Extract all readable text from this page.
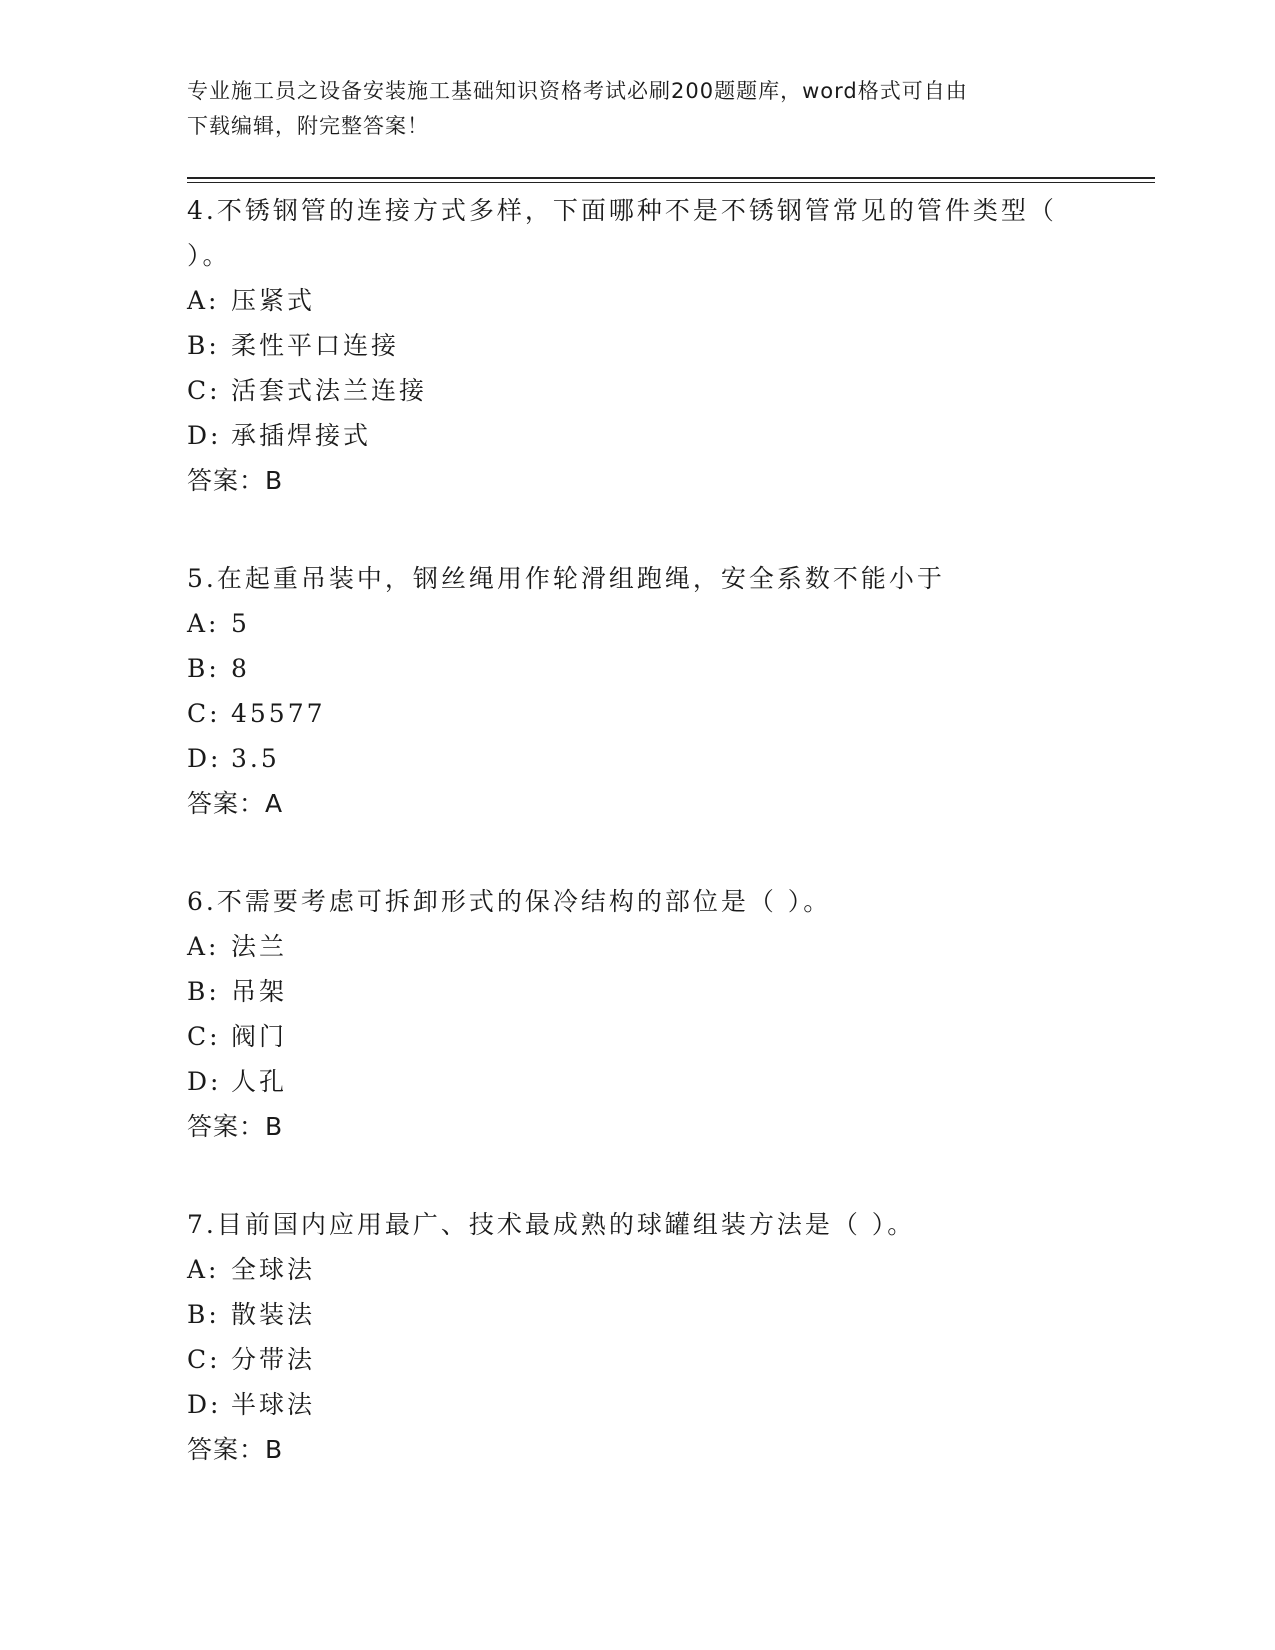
专业施工员之设备安装施工基础知识资格考试必刷200题题库，word格式可自由
下载编辑，附完整答案！

4.不锈钢管的连接方式多样，下面哪种不是不锈钢管常见的管件类型（ ）。

A: 压紧式

B: 柔性平口连接

C: 活套式法兰连接

D: 承插焊接式

答案：B

5.在起重吊装中，钢丝绳用作轮滑组跑绳，安全系数不能小于

A: 5

B: 8

C: 45577

D: 3.5

答案：A

6.不需要考虑可拆卸形式的保冷结构的部位是（ ）。

A: 法兰

B: 吊架

C: 阀门

D: 人孔

答案：B

7.目前国内应用最广、技术最成熟的球罐组装方法是（ ）。

A: 全球法

B: 散装法

C: 分带法

D: 半球法

答案：B
